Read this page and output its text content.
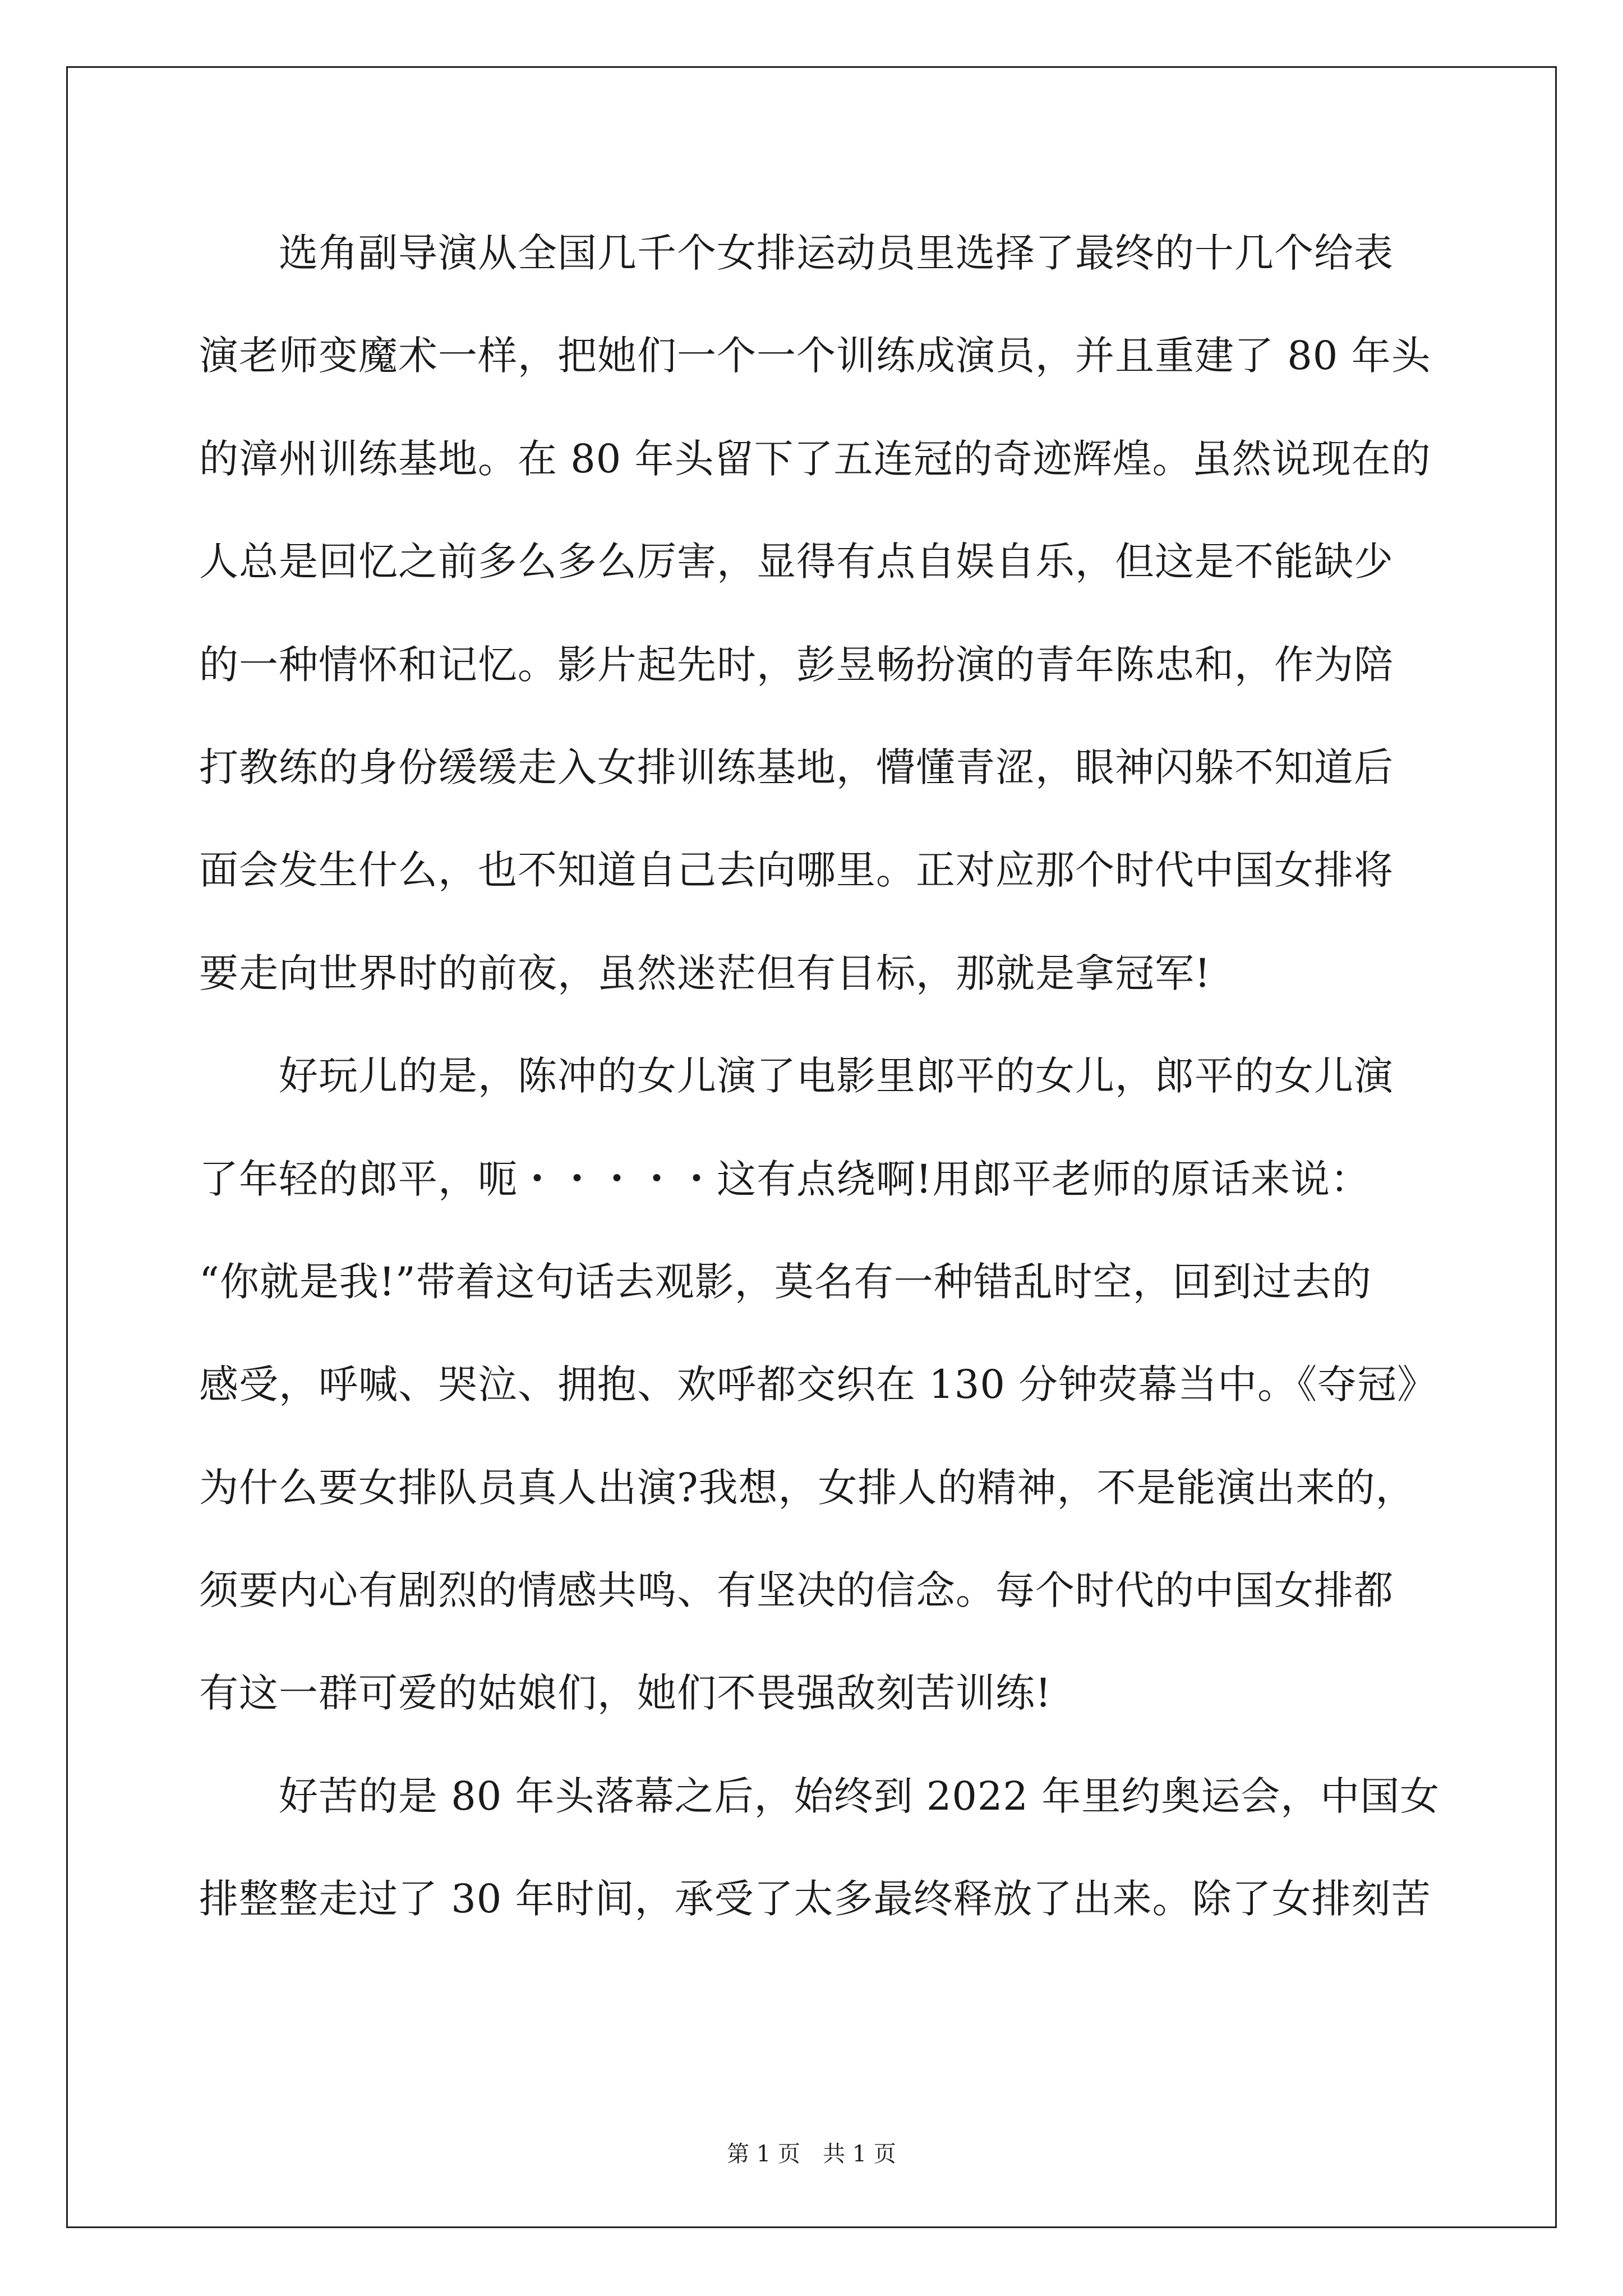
　　选角副导演从全国几千个女排运动员里选择了最终的十几个给表
演老师变魔术一样，把她们一个一个训练成演员，并且重建了 80 年头
的漳州训练基地。在 80 年头留下了五连冠的奇迹辉煌。虽然说现在的
人总是回忆之前多么多么厉害，显得有点自娱自乐，但这是不能缺少
的一种情怀和记忆。影片起先时，彭昱畅扮演的青年陈忠和，作为陪
打教练的身份缓缓走入女排训练基地，懵懂青涩，眼神闪躲不知道后
面会发生什么，也不知道自己去向哪里。正对应那个时代中国女排将
要走向世界时的前夜，虽然迷茫但有目标，那就是拿冠军!
　　好玩儿的是，陈冲的女儿演了电影里郎平的女儿，郎平的女儿演
了年轻的郎平，呃・・・・・这有点绕啊!用郎平老师的原话来说：
“你就是我!”带着这句话去观影，莫名有一种错乱时空，回到过去的
感受，呼喊、哭泣、拥抱、欢呼都交织在 130 分钟荧幕当中。《夺冠》
为什么要女排队员真人出演?我想，女排人的精神，不是能演出来的，
须要内心有剧烈的情感共鸣、有坚决的信念。每个时代的中国女排都
有这一群可爱的姑娘们，她们不畏强敌刻苦训练!
　　好苦的是 80 年头落幕之后，始终到 2022 年里约奥运会，中国女
排整整走过了 30 年时间，承受了太多最终释放了出来。除了女排刻苦
第 1 页　共 1 页
